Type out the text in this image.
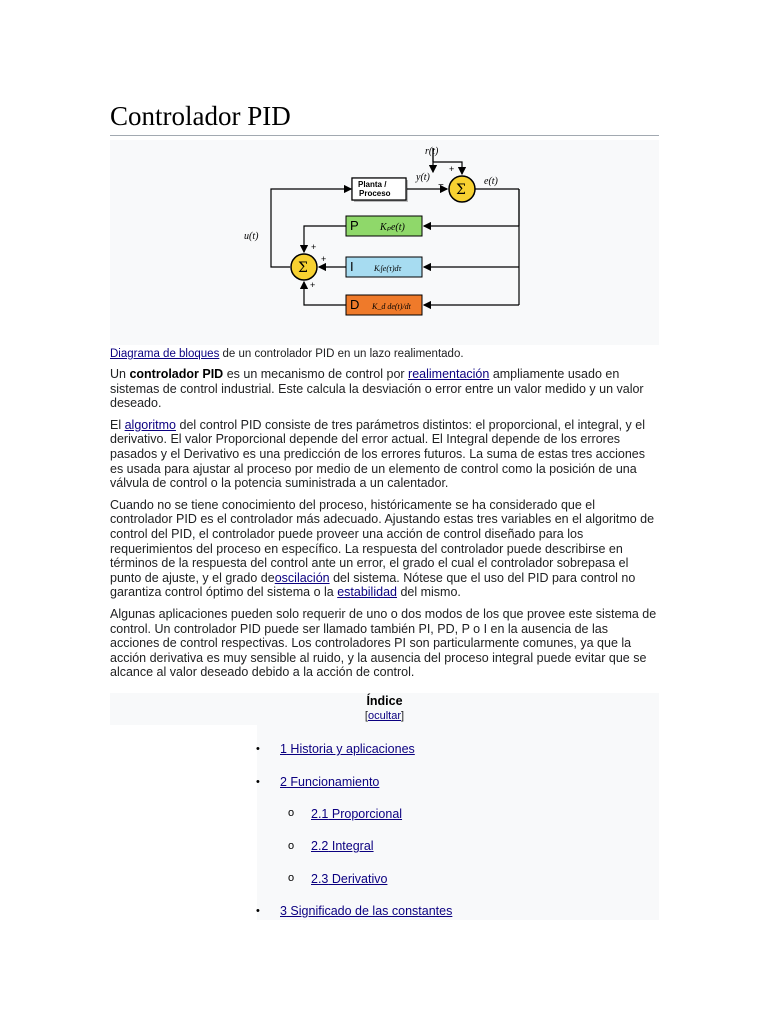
Controlador PID
r(t)
Σ
+
y(t)
−	e(t)
Planta /
Proceso
u(t)
P Kₚe(t)
I	Kᵢ∫e(τ)dτ
D K_d de(t)/dt
Σ
+
+
+
Diagrama de bloques de un controlador PID en un lazo realimentado.

Un controlador PID es un mecanismo de control por realimentación ampliamente usado en sistemas de control industrial. Este calcula la desviación o error entre un valor medido y un valor deseado.

El algoritmo del control PID consiste de tres parámetros distintos: el proporcional, el integral, y el derivativo. El valor Proporcional depende del error actual. El Integral depende de los errores pasados y el Derivativo es una predicción de los errores futuros. La suma de estas tres acciones es usada para ajustar al proceso por medio de un elemento de control como la posición de una válvula de control o la potencia suministrada a un calentador.

Cuando no se tiene conocimiento del proceso, históricamente se ha considerado que el controlador PID es el controlador más adecuado. Ajustando estas tres variables en el algoritmo de control del PID, el controlador puede proveer una acción de control diseñado para los requerimientos del proceso en específico. La respuesta del controlador puede describirse en términos de la respuesta del control ante un error, el grado el cual el controlador sobrepasa el punto de ajuste, y el grado deoscilación del sistema. Nótese que el uso del PID para control no garantiza control óptimo del sistema o la estabilidad del mismo.

Algunas aplicaciones pueden solo requerir de uno o dos modos de los que provee este sistema de control. Un controlador PID puede ser llamado también PI, PD, P o I en la ausencia de las acciones de control respectivas. Los controladores PI son particularmente comunes, ya que la acción derivativa es muy sensible al ruido, y la ausencia del proceso integral puede evitar que se alcance al valor deseado debido a la acción de control.

Índice
[ocultar]
• 1 Historia y aplicaciones
• 2 Funcionamiento
o 2.1 Proporcional
o 2.2 Integral
o 2.3 Derivativo
• 3 Significado de las constantes
